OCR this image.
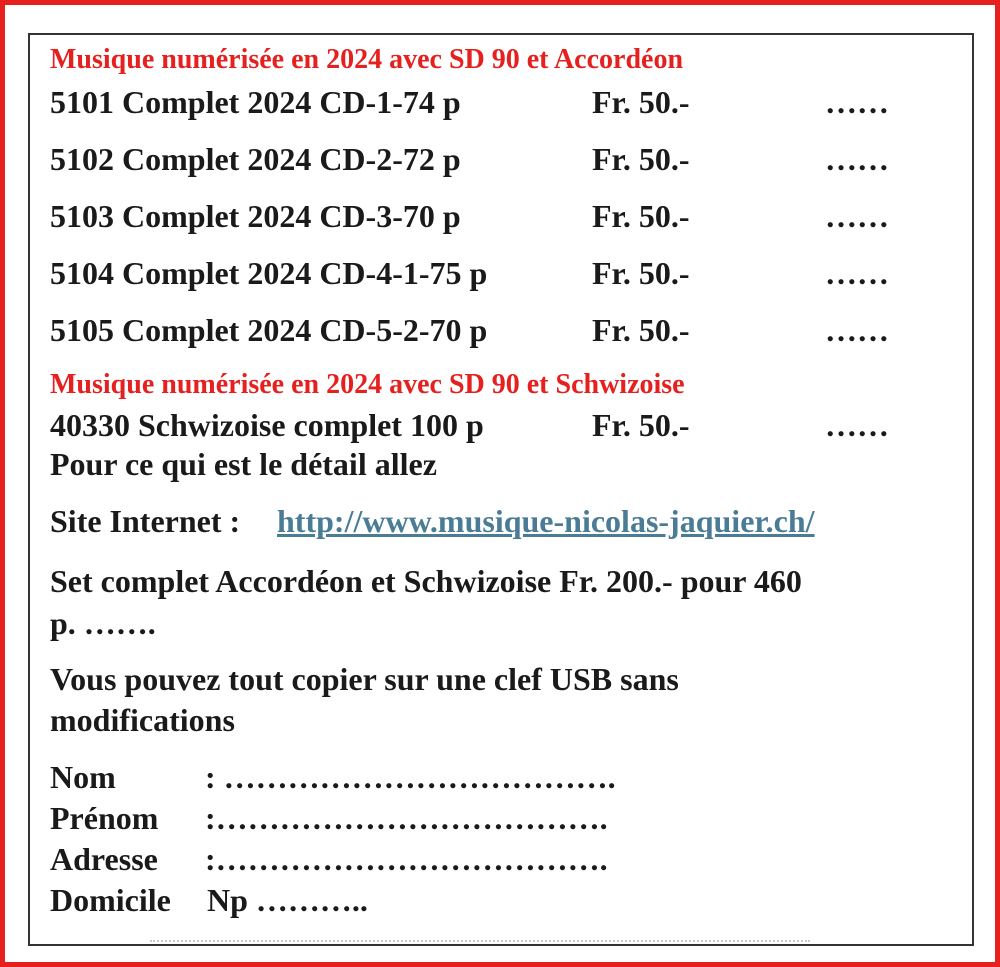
Musique numérisée en 2024 avec SD 90 et Accordéon
5101 Complet 2024 CD-1-74 p	Fr. 50.-	……
5102 Complet 2024 CD-2-72 p	Fr. 50.-	……
5103 Complet 2024 CD-3-70 p	Fr. 50.-	……
5104 Complet 2024 CD-4-1-75 p	Fr. 50.-	……
5105 Complet 2024 CD-5-2-70 p	Fr. 50.-	……
Musique numérisée en 2024 avec SD 90 et Schwizoise
40330 Schwizoise complet 100 p	Fr. 50.-	……
Pour ce qui est le détail allez
Site Internet : http://www.musique-nicolas-jaquier.ch/
Set complet Accordéon et Schwizoise Fr. 200.- pour 460
p. …….
Vous pouvez tout copier sur une clef USB sans
modifications
Nom	: ……………………………….
Prénom :……………………………….
Adresse :……………………………….
Domicile Np ………..
